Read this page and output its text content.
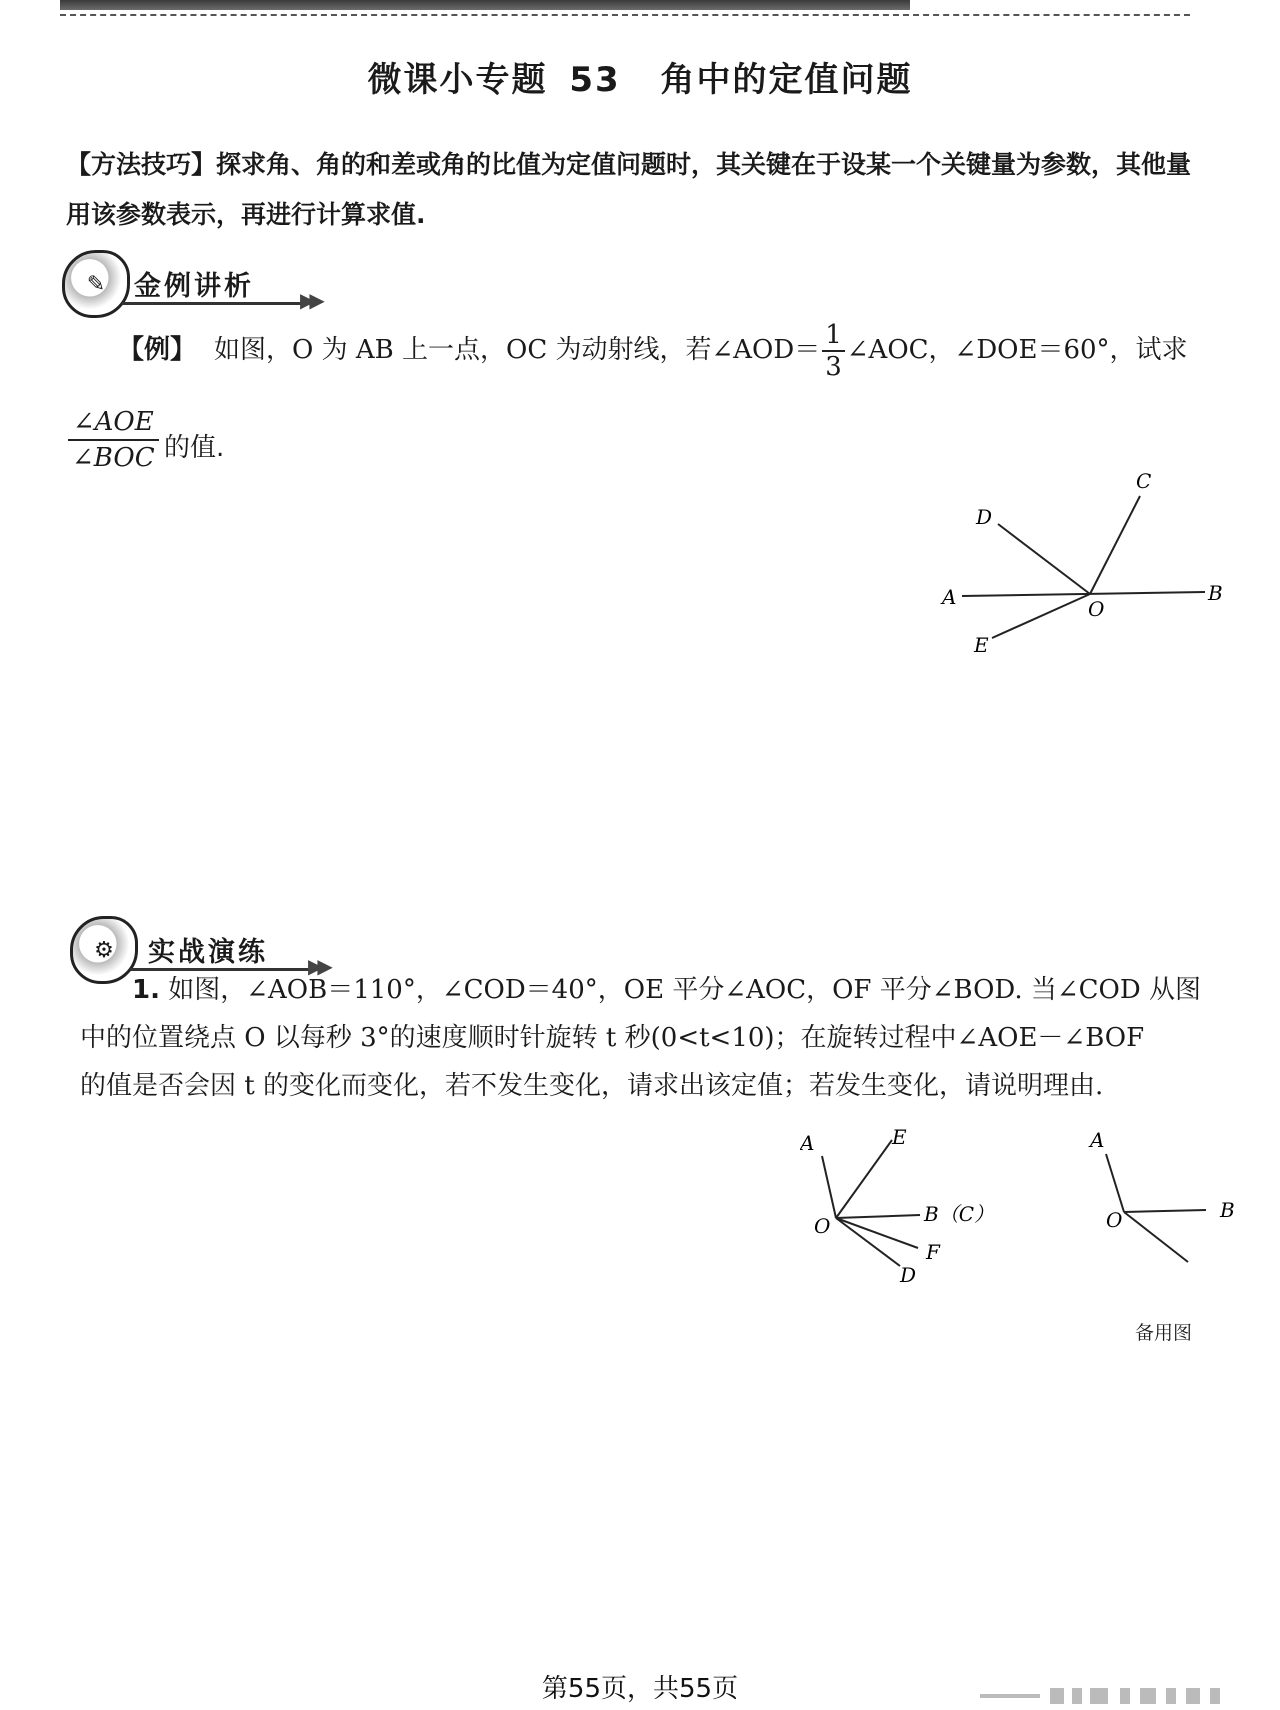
微课小专题 53 角中的定值问题
【方法技巧】探求角、角的和差或角的比值为定值问题时，其关键在于设某一个关键量为参数，其他量用该参数表示，再进行计算求值.
✎	金例讲析 ▶▶
【例】 如图，O 为 AB 上一点，OC 为动射线，若∠AOD＝ $\frac{1}{3}$ ∠AOC，∠DOE＝60°，试求
$\frac{\text{∠AOE}}{\text{∠BOC}}$ 的值.
A	B
C
D
E
O
⚙	实战演练 ▶▶
1. 如图，∠AOB＝110°，∠COD＝40°，OE 平分∠AOC，OF 平分∠BOD. 当∠COD 从图
中的位置绕点 O 以每秒 3°的速度顺时针旋转 t 秒(0<t<10)；在旋转过程中∠AOE－∠BOF
的值是否会因 t 的变化而变化，若不发生变化，请求出该定值；若发生变化，请说明理由.
A	E
B（C）
O
F
D
A
O	B
备用图
第55页，共55页
